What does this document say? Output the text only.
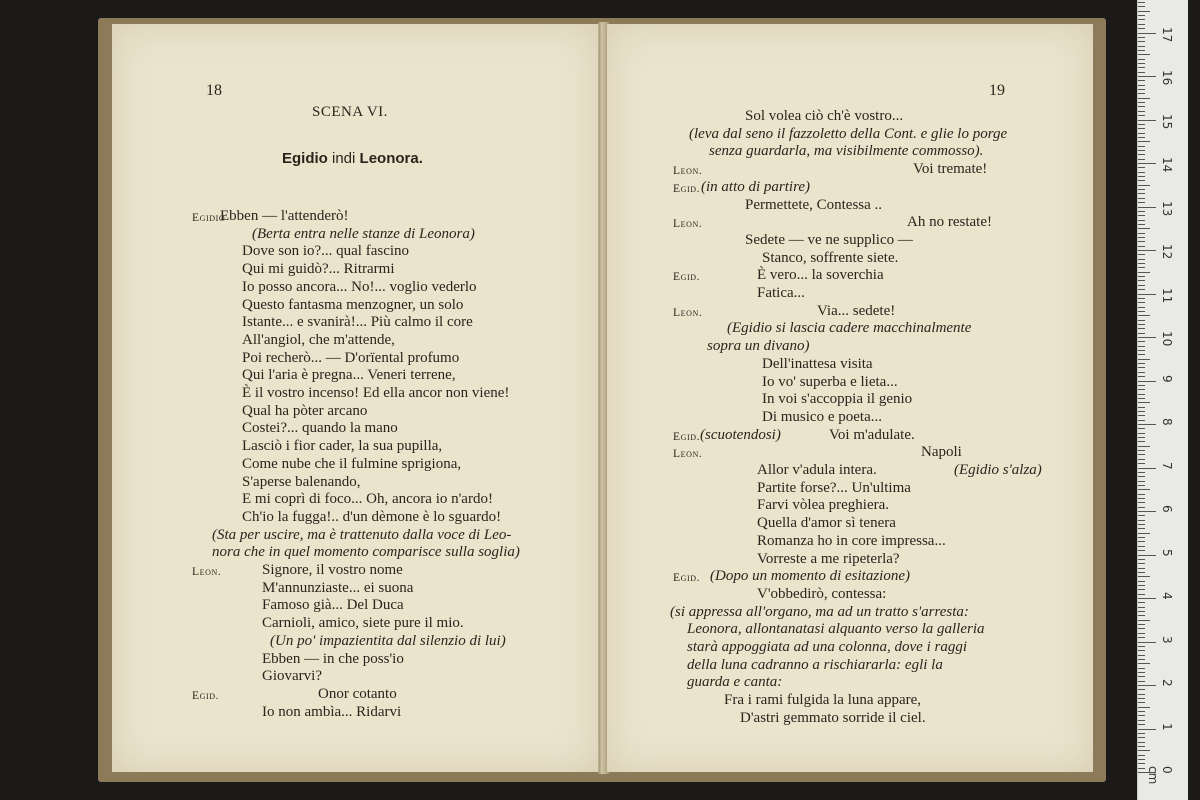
18
SCENA VI.
Egidio indi Leonora.
Egidio
Ebben — l'attenderò!
(Berta entra nelle stanze di Leonora)
Dove son io?... qual fascino
Qui mi guidò?... Ritrarmi
Io posso ancora... No!... voglio vederlo
Questo fantasma menzogner, un solo
Istante... e svanirà!... Più calmo il core
All'angiol, che m'attende,
Poi recherò... — D'orïental profumo
Qui l'aria è pregna... Veneri terrene,
È il vostro incenso! Ed ella ancor non viene!
Qual ha pòter arcano
Costei?... quando la mano
Lasciò i fior cader, la sua pupilla,
Come nube che il fulmine sprigiona,
S'aperse balenando,
E mi coprì di foco... Oh, ancora io n'ardo!
Ch'io la fugga!.. d'un dèmone è lo sguardo!
(Sta per uscire, ma è trattenuto dalla voce di Leo-
nora che in quel momento comparisce sulla soglia)
Leon.	Signore, il vostro nome
M'annunziaste... ei suona
Famoso già... Del Duca
Carnioli, amico, siete pure il mio.
(Un po' impazientita dal silenzio di lui)
Ebben — in che poss'io
Giovarvi?
Egid.	Onor cotanto
Io non ambìa... Ridarvi
19
Sol volea ciò ch'è vostro...
(leva dal seno il fazzoletto della Cont. e glie lo porge
senza guardarla, ma visibilmente commosso).
Leon.	Voi tremate!
Egid. (in atto di partire)
Permettete, Contessa ..
Leon.	Ah no restate!
Sedete — ve ne supplico —
Stanco, soffrente siete.
Egid.	È vero... la soverchia
Fatica...
Leon.	Via... sedete!
(Egidio si lascia cadere macchinalmente
sopra un divano)
Dell'inattesa visita
Io vo' superba e lieta...
In voi s'accoppia il genio
Di musico e poeta...
Egid. (scuotendosi)	Voi m'adulate.
Leon.	Napoli
Allor v'adula intera.	(Egidio s'alza)
Partite forse?... Un'ultima
Farvi vòlea preghiera.
Quella d'amor sì tenera
Romanza ho in core impressa...
Vorreste a me ripeterla?
Egid. (Dopo un momento di esitazione)
V'obbedirò, contessa:
(si appressa all'organo, ma ad un tratto s'arresta:
Leonora, allontanatasi alquanto verso la galleria
starà appoggiata ad una colonna, dove i raggi
della luna cadranno a rischiararla: egli la
guarda e canta:
Fra i rami fulgida la luna appare,
D'astri gemmato sorride il ciel.
0 cm
1
2
3
4
5
6
7
8
9
10
11
12
13
14
15
16
17
